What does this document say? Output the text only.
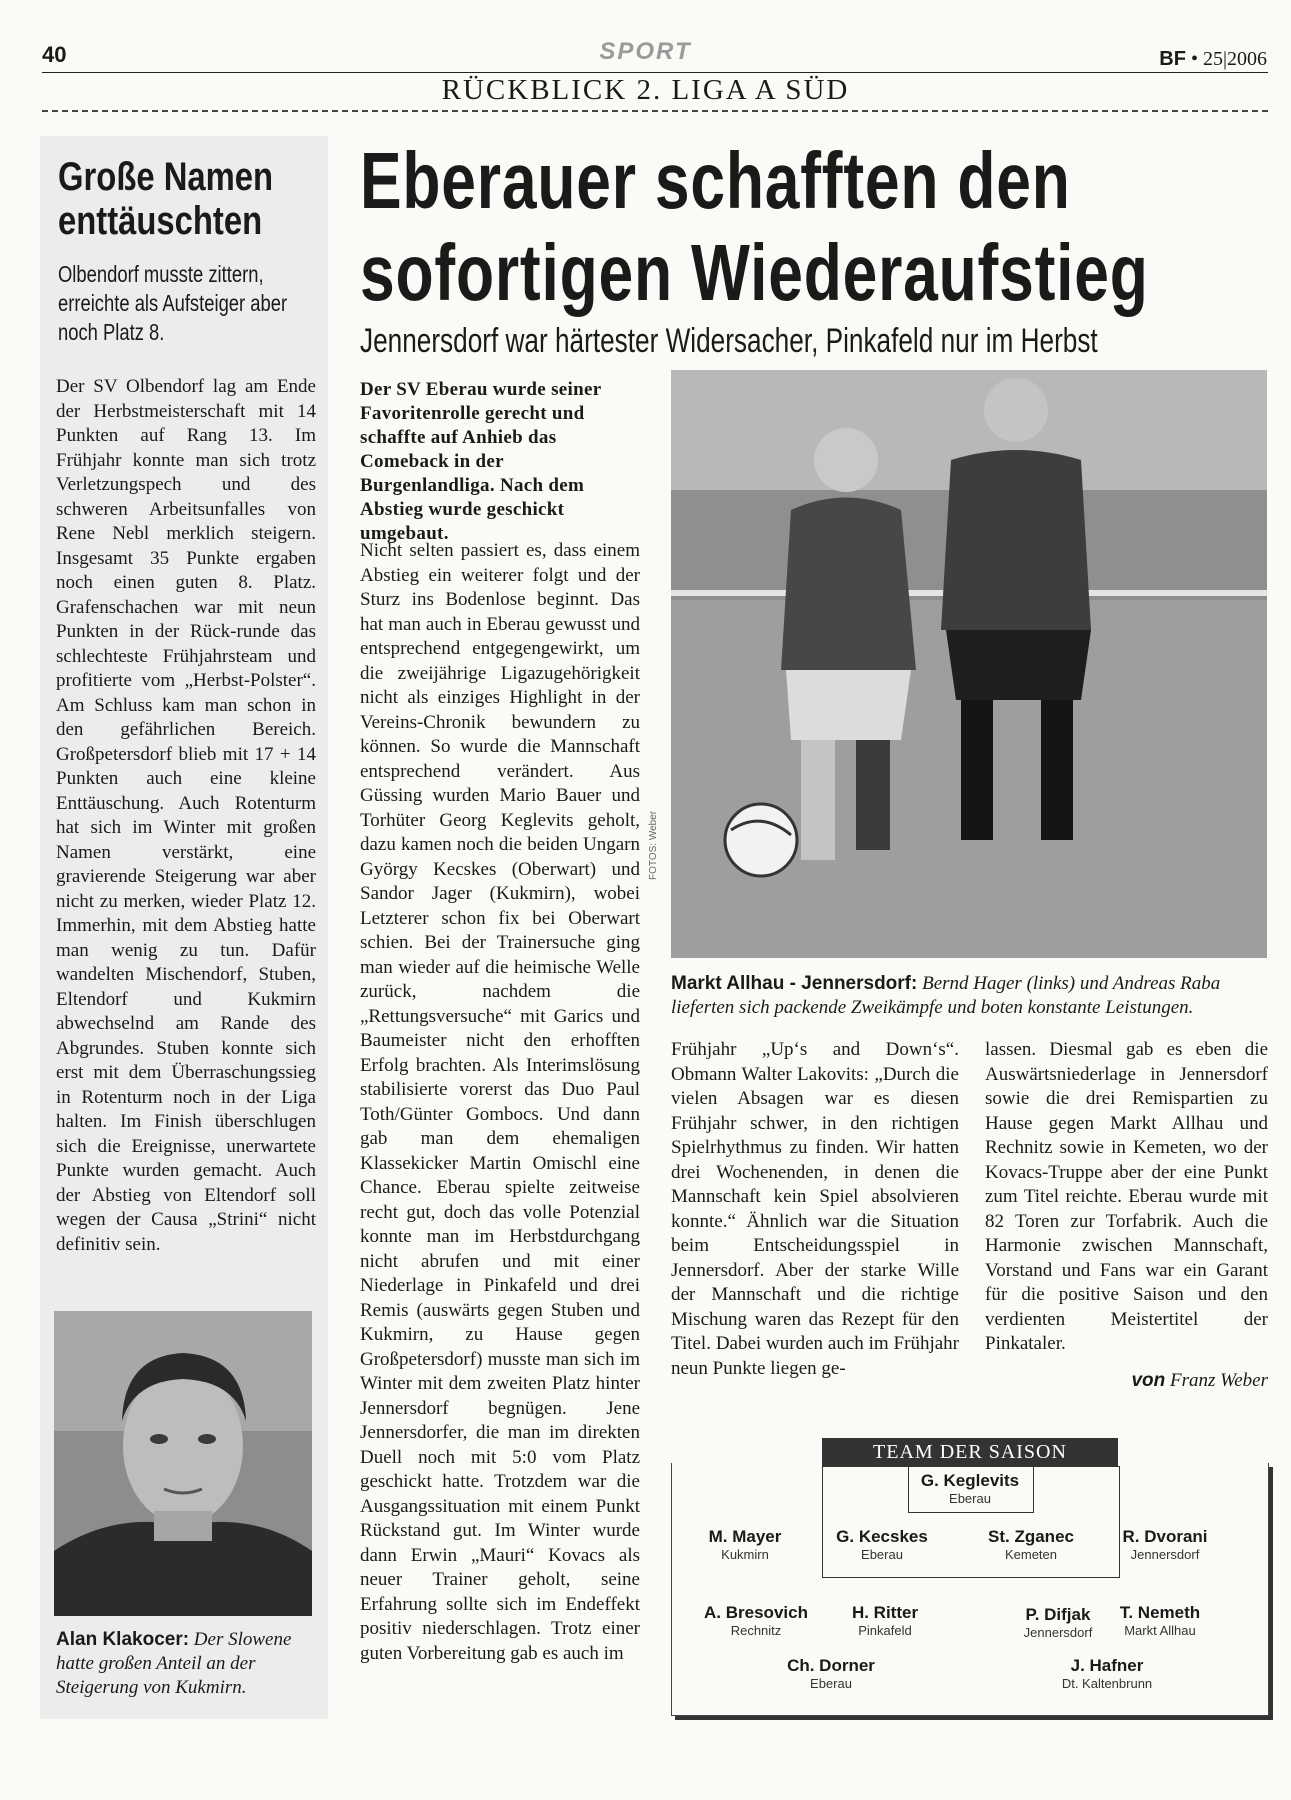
40	SPORT	BF • 25|2006
RÜCKBLICK 2. LIGA A SÜD
Große Namen enttäuschten
Olbendorf musste zittern, erreichte als Aufsteiger aber noch Platz 8.
Der SV Olbendorf lag am Ende der Herbstmeisterschaft mit 14 Punkten auf Rang 13. Im Frühjahr konnte man sich trotz Verletzungspech und des schweren Arbeitsunfalles von Rene Nebl merklich steigern. Insgesamt 35 Punkte ergaben noch einen guten 8. Platz. Grafenschachen war mit neun Punkten in der Rück-runde das schlechteste Frühjahrsteam und profitierte vom „Herbst-Polster“. Am Schluss kam man schon in den gefährlichen Bereich. Großpetersdorf blieb mit 17 + 14 Punkten auch eine kleine Enttäuschung. Auch Rotenturm hat sich im Winter mit großen Namen verstärkt, eine gravierende Steigerung war aber nicht zu merken, wieder Platz 12. Immerhin, mit dem Abstieg hatte man wenig zu tun. Dafür wandelten Mischendorf, Stuben, Eltendorf und Kukmirn abwechselnd am Rande des Abgrundes. Stuben konnte sich erst mit dem Überraschungssieg in Rotenturm noch in der Liga halten. Im Finish überschlugen sich die Ereignisse, unerwartete Punkte wurden gemacht. Auch der Abstieg von Eltendorf soll wegen der Causa „Strini“ nicht definitiv sein.
Alan Klakocer: Der Slowene hatte großen Anteil an der Steigerung von Kukmirn.
Eberauer schafften den sofortigen Wiederaufstieg
Jennersdorf war härtester Widersacher, Pinkafeld nur im Herbst
Der SV Eberau wurde seiner Favoritenrolle gerecht und schaffte auf Anhieb das Comeback in der Burgenlandliga. Nach dem Abstieg wurde geschickt umgebaut.
Nicht selten passiert es, dass einem Abstieg ein weiterer folgt und der Sturz ins Bodenlose beginnt. Das hat man auch in Eberau gewusst und entsprechend entgegengewirkt, um die zweijährige Ligazugehörigkeit nicht als einziges Highlight in der Vereins-Chronik bewundern zu können. So wurde die Mannschaft entsprechend verändert. Aus Güssing wurden Mario Bauer und Torhüter Georg Keglevits geholt, dazu kamen noch die beiden Ungarn György Kecskes (Oberwart) und Sandor Jager (Kukmirn), wobei Letzterer schon fix bei Oberwart schien. Bei der Trainersuche ging man wieder auf die heimische Welle zurück, nachdem die „Rettungsversuche“ mit Garics und Baumeister nicht den erhofften Erfolg brachten. Als Interimslösung stabilisierte vorerst das Duo Paul Toth/Günter Gombocs. Und dann gab man dem ehemaligen Klassekicker Martin Omischl eine Chance. Eberau spielte zeitweise recht gut, doch das volle Potenzial konnte man im Herbstdurchgang nicht abrufen und mit einer Niederlage in Pinkafeld und drei Remis (auswärts gegen Stuben und Kukmirn, zu Hause gegen Großpetersdorf) musste man sich im Winter mit dem zweiten Platz hinter Jennersdorf begnügen. Jene Jennersdorfer, die man im direkten Duell noch mit 5:0 vom Platz geschickt hatte. Trotzdem war die Ausgangssituation mit einem Punkt Rückstand gut. Im Winter wurde dann Erwin „Mauri“ Kovacs als neuer Trainer geholt, seine Erfahrung sollte sich im Endeffekt positiv niederschlagen. Trotz einer guten Vorbereitung gab es auch im
FOTOS: Weber
Markt Allhau - Jennersdorf: Bernd Hager (links) und Andreas Raba lieferten sich packende Zweikämpfe und boten konstante Leistungen.
Frühjahr „Up‘s and Down‘s“. Obmann Walter Lakovits: „Durch die vielen Absagen war es diesen Frühjahr schwer, in den richtigen Spielrhythmus zu finden. Wir hatten drei Wochenenden, in denen die Mannschaft kein Spiel absolvieren konnte.“ Ähnlich war die Situation beim Entscheidungsspiel in Jennersdorf. Aber der starke Wille der Mannschaft und die richtige Mischung waren das Rezept für den Titel. Dabei wurden auch im Frühjahr neun Punkte liegen ge-
lassen. Diesmal gab es eben die Auswärtsniederlage in Jennersdorf sowie die drei Remispartien zu Hause gegen Markt Allhau und Rechnitz sowie in Kemeten, wo der Kovacs-Truppe aber der eine Punkt zum Titel reichte. Eberau wurde mit 82 Toren zur Torfabrik. Auch die Harmonie zwischen Mannschaft, Vorstand und Fans war ein Garant für die positive Saison und den verdienten Meistertitel der Pinkataler.
von Franz Weber
TEAM DER SAISON
G. Keglevits
Eberau
M. Mayer
Kukmirn
G. Kecskes
Eberau
St. Zganec
Kemeten
R. Dvorani
Jennersdorf
A. Bresovich
Rechnitz
H. Ritter
Pinkafeld
P. Difjak
Jennersdorf
T. Nemeth
Markt Allhau
Ch. Dorner
Eberau
J. Hafner
Dt. Kaltenbrunn
